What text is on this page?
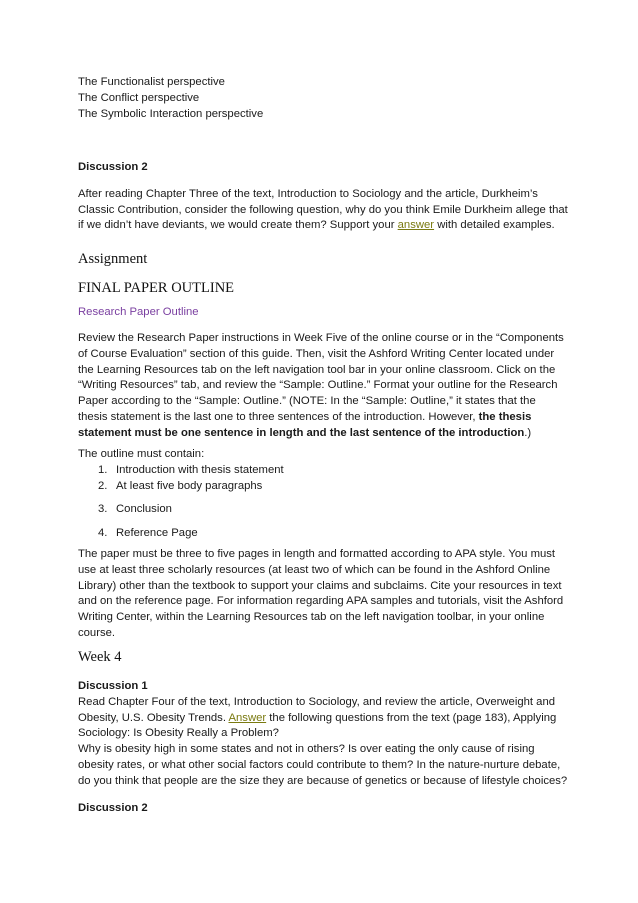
The Functionalist perspective

The Conflict perspective

The Symbolic Interaction perspective

Discussion 2

After reading Chapter Three of the text, Introduction to Sociology and the article, Durkheim’s Classic Contribution, consider the following question, why do you think Emile Durkheim allege that if we didn’t have deviants, we would create them? Support your answer with detailed examples.

Assignment

FINAL PAPER OUTLINE

Research Paper Outline

Review the Research Paper instructions in Week Five of the online course or in the “Components of Course Evaluation” section of this guide. Then, visit the Ashford Writing Center located under the Learning Resources tab on the left navigation tool bar in your online classroom. Click on the “Writing Resources” tab, and review the “Sample: Outline.” Format your outline for the Research Paper according to the “Sample: Outline.” (NOTE: In the “Sample: Outline,” it states that the thesis statement is the last one to three sentences of the introduction. However, the thesis statement must be one sentence in length and the last sentence of the introduction.)

The outline must contain:

1. Introduction with thesis statement
2. At least five body paragraphs
3. Conclusion
4. Reference Page

The paper must be three to five pages in length and formatted according to APA style. You must use at least three scholarly resources (at least two of which can be found in the Ashford Online Library) other than the textbook to support your claims and subclaims. Cite your resources in text and on the reference page. For information regarding APA samples and tutorials, visit the Ashford Writing Center, within the Learning Resources tab on the left navigation toolbar, in your online course.

Week 4

Discussion 1

Read Chapter Four of the text, Introduction to Sociology, and review the article, Overweight and Obesity, U.S. Obesity Trends. Answer the following questions from the text (page 183), Applying Sociology: Is Obesity Really a Problem?

Why is obesity high in some states and not in others? Is over eating the only cause of rising obesity rates, or what other social factors could contribute to them? In the nature-nurture debate, do you think that people are the size they are because of genetics or because of lifestyle choices?

Discussion 2
